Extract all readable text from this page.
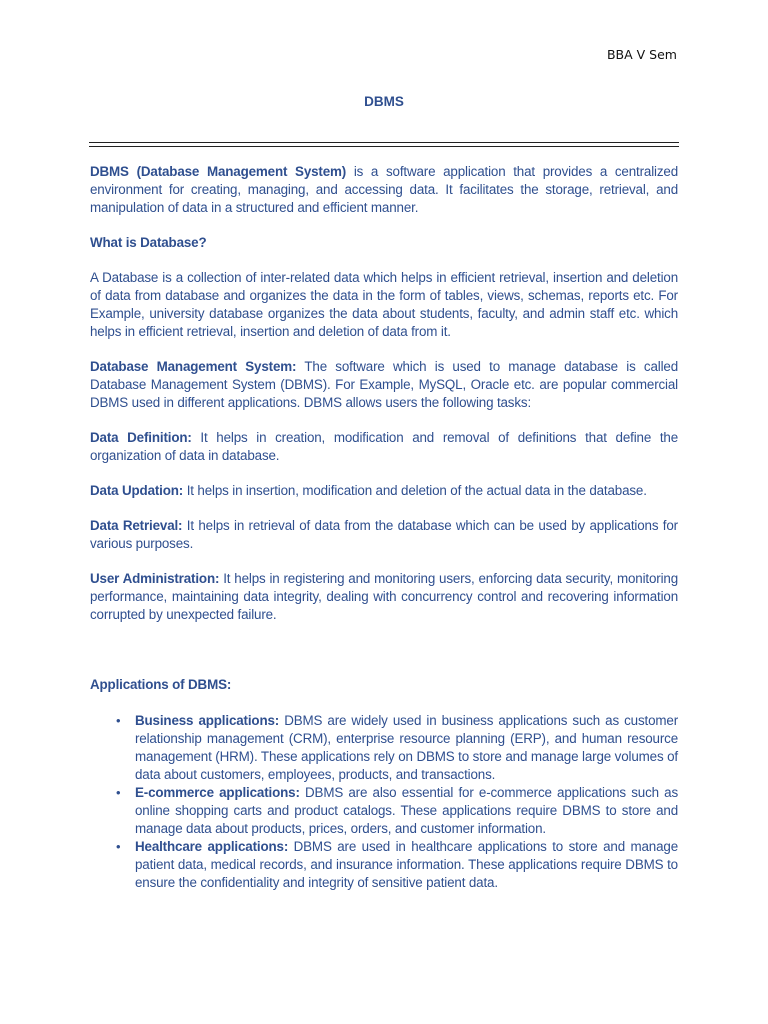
BBA V Sem
DBMS

DBMS (Database Management System) is a software application that provides a centralized environment for creating, managing, and accessing data. It facilitates the storage, retrieval, and manipulation of data in a structured and efficient manner.

What is Database?

A Database is a collection of inter-related data which helps in efficient retrieval, insertion and deletion of data from database and organizes the data in the form of tables, views, schemas, reports etc. For Example, university database organizes the data about students, faculty, and admin staff etc. which helps in efficient retrieval, insertion and deletion of data from it.

Database Management System: The software which is used to manage database is called Database Management System (DBMS). For Example, MySQL, Oracle etc. are popular commercial DBMS used in different applications. DBMS allows users the following tasks:

Data Definition: It helps in creation, modification and removal of definitions that define the organization of data in database.

Data Updation: It helps in insertion, modification and deletion of the actual data in the database.

Data Retrieval: It helps in retrieval of data from the database which can be used by applications for various purposes.

User Administration: It helps in registering and monitoring users, enforcing data security, monitoring performance, maintaining data integrity, dealing with concurrency control and recovering information corrupted by unexpected failure.

Applications of DBMS:

• Business applications: DBMS are widely used in business applications such as customer relationship management (CRM), enterprise resource planning (ERP), and human resource management (HRM). These applications rely on DBMS to store and manage large volumes of data about customers, employees, products, and transactions.
• E-commerce applications: DBMS are also essential for e-commerce applications such as online shopping carts and product catalogs. These applications require DBMS to store and manage data about products, prices, orders, and customer information.
• Healthcare applications: DBMS are used in healthcare applications to store and manage patient data, medical records, and insurance information. These applications require DBMS to ensure the confidentiality and integrity of sensitive patient data.
